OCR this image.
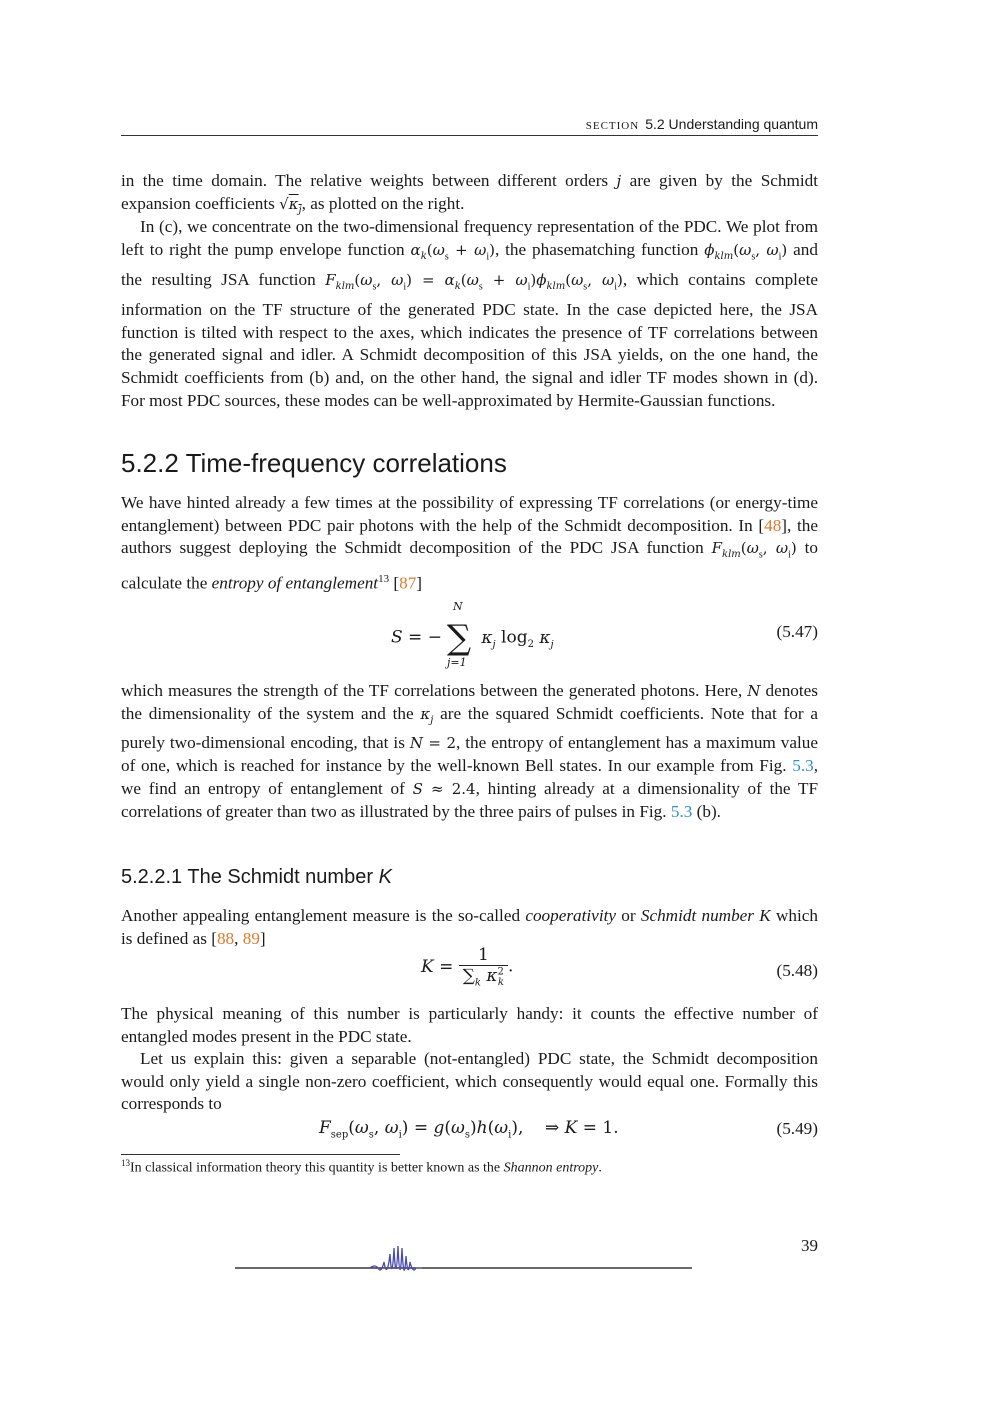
SECTION 5.2 Understanding quantum
in the time domain. The relative weights between different orders j are given by the Schmidt expansion coefficients $√\kappa_j$, as plotted on the right.
In (c), we concentrate on the two-dimensional frequency representation of the PDC. We plot from left to right the pump envelope function $\alpha_k(\omega_s + \omega_i)$, the phasematching function $\phi_{klm}(\omega_s$, $\omega_i$) and the resulting JSA function $F_{klm}(\omega_s$, $\omega_i) = \alpha_k(\omega_s + \omega_i)\phi_{klm}(\omega_s$, $\omega_i$), which contains complete information on the TF structure of the generated PDC state. In the case depicted here, the JSA function is tilted with respect to the axes, which indicates the presence of TF correlations between the generated signal and idler. A Schmidt decomposition of this JSA yields, on the one hand, the Schmidt coefficients from (b) and, on the other hand, the signal and idler TF modes shown in (d). For most PDC sources, these modes can be well-approximated by Hermite-Gaussian functions.
5.2.2 Time-frequency correlations
We have hinted already a few times at the possibility of expressing TF correlations (or energy-time entanglement) between PDC pair photons with the help of the Schmidt decomposition. In [48], the authors suggest deploying the Schmidt decomposition of the PDC JSA function $F_{klm}(\omega_s$, $\omega_i$) to calculate the entropy of entanglement$^{13}$ [87]
S = − ∑
N
j=1
$\kappa_j$ $\log_2 \kappa_j$
(5.47)
which measures the strength of the TF correlations between the generated photons. Here, N denotes the dimensionality of the system and the $\kappa_j$ are the squared Schmidt coefficients. Note that for a purely two-dimensional encoding, that is N = 2, the entropy of entanglement has a maximum value of one, which is reached for instance by the well-known Bell states. In our example from Fig. 5.3, we find an entropy of entanglement of S ≈ 2.4, hinting already at a dimensionality of the TF correlations of greater than two as illustrated by the three pairs of pulses in Fig. 5.3 (b).
5.2.2.1 The Schmidt number K
Another appealing entanglement measure is the so-called cooperativity or Schmidt number K which is defined as [88, 89]
$K = \frac{1}{\sum_k \kappa^2_k}$ .	(5.48)
The physical meaning of this number is particularly handy: it counts the effective number of entangled modes present in the PDC state.
Let us explain this: given a separable (not-entangled) PDC state, the Schmidt decomposition would only yield a single non-zero coefficient, which consequently would equal one. Formally this corresponds to
$F_{sep}(\omega_s$, $\omega_i) = g(\omega_s)h(\omega_i)$,    ⇒ K = 1.	(5.49)
$^{13}$In classical information theory this quantity is better known as the Shannon entropy.
39
